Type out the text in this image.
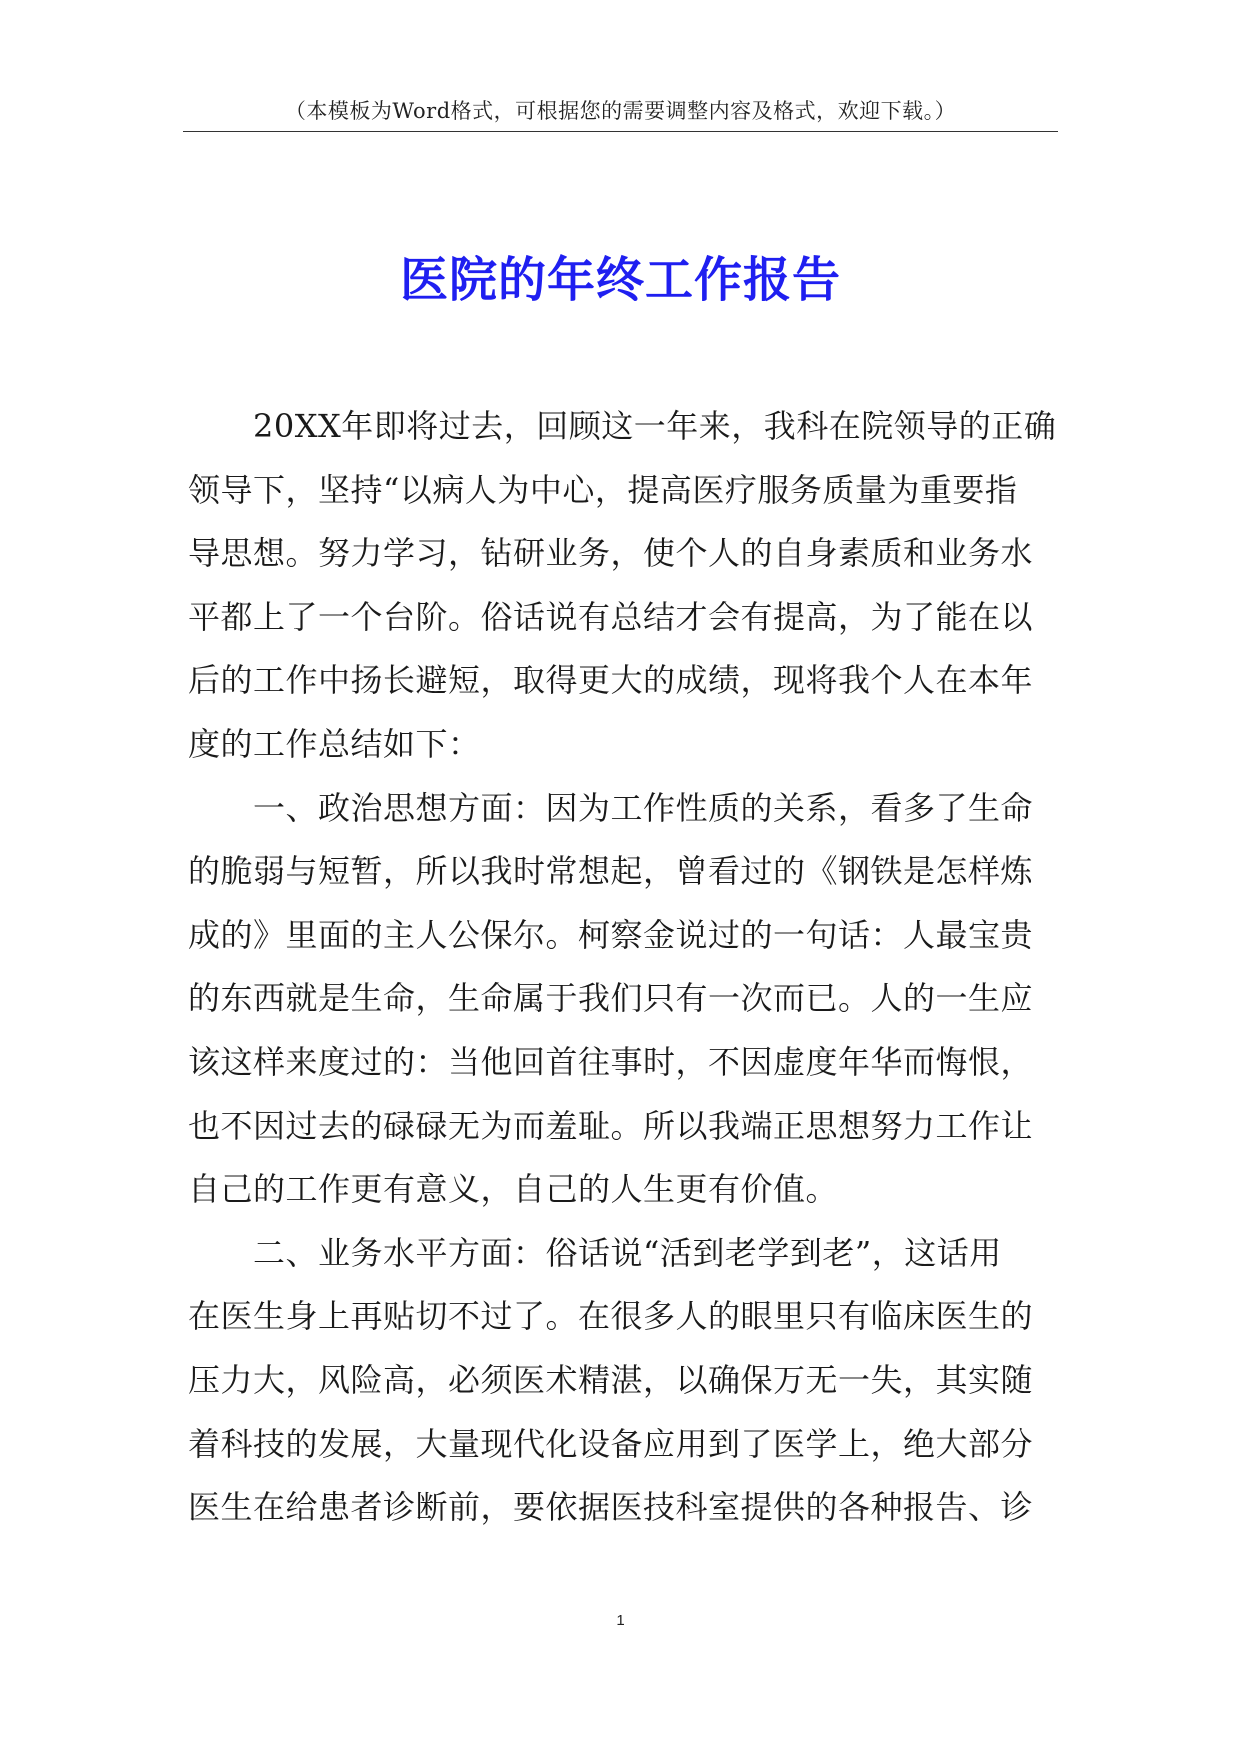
（本模板为Word格式，可根据您的需要调整内容及格式，欢迎下载。）
医院的年终工作报告
20XX年即将过去，回顾这一年来，我科在院领导的正确
领导下，坚持“以病人为中心，提高医疗服务质量为重要指
导思想。努力学习，钻研业务，使个人的自身素质和业务水
平都上了一个台阶。俗话说有总结才会有提高，为了能在以
后的工作中扬长避短，取得更大的成绩，现将我个人在本年
度的工作总结如下：
一、政治思想方面：因为工作性质的关系，看多了生命
的脆弱与短暂，所以我时常想起，曾看过的《钢铁是怎样炼
成的》里面的主人公保尔。柯察金说过的一句话：人最宝贵
的东西就是生命，生命属于我们只有一次而已。人的一生应
该这样来度过的：当他回首往事时，不因虚度年华而悔恨，
也不因过去的碌碌无为而羞耻。所以我端正思想努力工作让
自己的工作更有意义，自己的人生更有价值。
二、业务水平方面：俗话说“活到老学到老”，这话用
在医生身上再贴切不过了。在很多人的眼里只有临床医生的
压力大，风险高，必须医术精湛，以确保万无一失，其实随
着科技的发展，大量现代化设备应用到了医学上，绝大部分
医生在给患者诊断前，要依据医技科室提供的各种报告、诊
1
